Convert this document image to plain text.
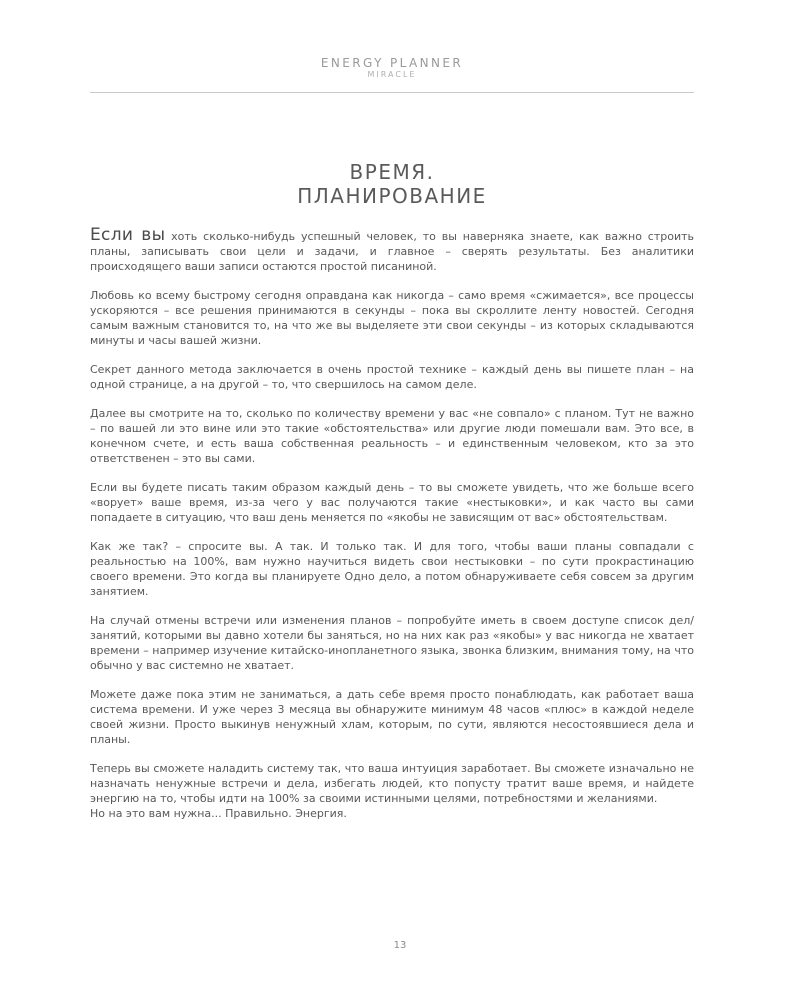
ENERGY PLANNER
MIRACLE
ВРЕМЯ.
ПЛАНИРОВАНИЕ

Если вы хоть сколько-нибудь успешный человек, то вы наверняка знаете, как важно строить планы, записывать свои цели и задачи, и главное – сверять результаты. Без аналитики происходящего ваши записи остаются простой писаниной.

Любовь ко всему быстрому сегодня оправдана как никогда – само время «сжимается», все процессы ускоряются – все решения принимаются в секунды – пока вы скроллите ленту новостей. Сегодня самым важным становится то, на что же вы выделяете эти свои секунды – из которых складываются минуты и часы вашей жизни.

Секрет данного метода заключается в очень простой технике – каждый день вы пишете план – на одной странице, а на другой – то, что свершилось на самом деле.

Далее вы смотрите на то, сколько по количеству времени у вас «не совпало» с планом. Тут не важно – по вашей ли это вине или это такие «обстоятельства» или другие люди помешали вам. Это все, в конечном счете, и есть ваша собственная реальность – и единственным человеком, кто за это ответственен – это вы сами.

Если вы будете писать таким образом каждый день – то вы сможете увидеть, что же больше всего «ворует» ваше время, из-за чего у вас получаются такие «нестыковки», и как часто вы сами попадаете в ситуацию, что ваш день меняется по «якобы не зависящим от вас» обстоятельствам.

Как же так? – спросите вы. А так. И только так. И для того, чтобы ваши планы совпадали с реальностью на 100%, вам нужно научиться видеть свои нестыковки – по сути прокрастинацию своего времени. Это когда вы планируете Одно дело, а потом обнаруживаете себя совсем за другим занятием.

На случай отмены встречи или изменения планов – попробуйте иметь в своем доступе список дел/занятий, которыми вы давно хотели бы заняться, но на них как раз «якобы» у вас никогда не хватает времени – например изучение китайско-инопланетного языка, звонка близким, внимания тому, на что обычно у вас системно не хватает.

Можете даже пока этим не заниматься, а дать себе время просто понаблюдать, как работает ваша система времени. И уже через 3 месяца вы обнаружите минимум 48 часов «плюс» в каждой неделе своей жизни. Просто выкинув ненужный хлам, которым, по сути, являются несостоявшиеся дела и планы.

Теперь вы сможете наладить систему так, что ваша интуиция заработает. Вы сможете изначально не назначать ненужные встречи и дела, избегать людей, кто попусту тратит ваше время, и найдете энергию на то, чтобы идти на 100% за своими истинными целями, потребностями и желаниями.

Но на это вам нужна... Правильно. Энергия.

13
